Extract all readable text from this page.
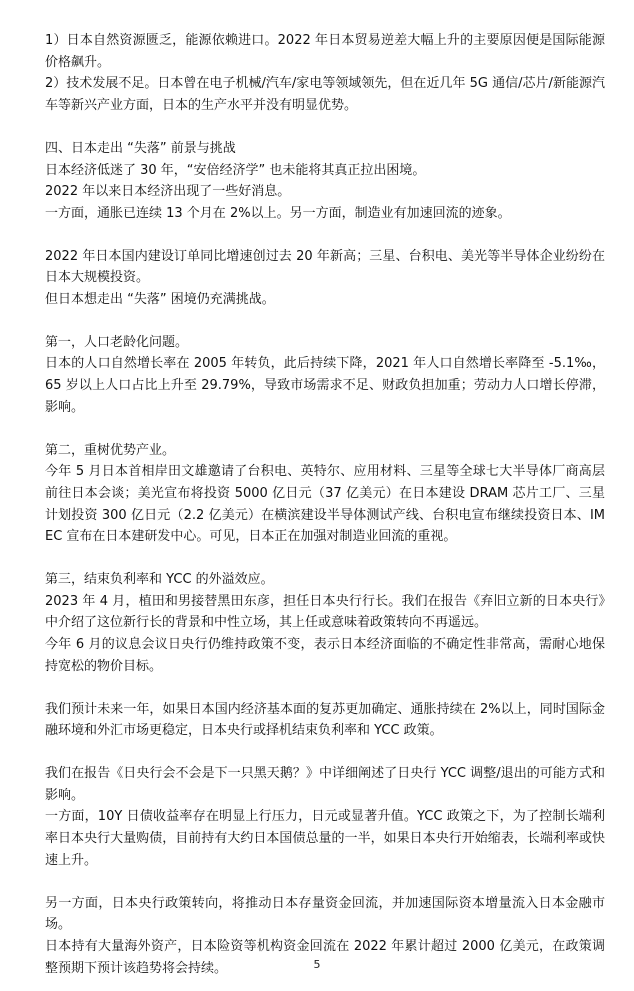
1）日本自然资源匮乏，能源依赖进口。2022 年日本贸易逆差大幅上升的主要原因便是国际能源价格飙升。

2）技术发展不足。日本曾在电子机械/汽车/家电等领域领先，但在近几年 5G 通信/芯片/新能源汽车等新兴产业方面，日本的生产水平并没有明显优势。

四、日本走出 “失落” 前景与挑战

日本经济低迷了 30 年，“安倍经济学” 也未能将其真正拉出困境。

2022 年以来日本经济出现了一些好消息。

一方面，通胀已连续 13 个月在 2%以上。另一方面，制造业有加速回流的迹象。

2022 年日本国内建设订单同比增速创过去 20 年新高；三星、台积电、美光等半导体企业纷纷在日本大规模投资。

但日本想走出 “失落” 困境仍充满挑战。

第一，人口老龄化问题。

日本的人口自然增长率在 2005 年转负，此后持续下降，2021 年人口自然增长率降至 -5.1‰，65 岁以上人口占比上升至 29.79%，导致市场需求不足、财政负担加重；劳动力人口增长停滞，影响。

第二，重树优势产业。

今年 5 月日本首相岸田文雄邀请了台积电、英特尔、应用材料、三星等全球七大半导体厂商高层前往日本会谈；美光宣布将投资 5000 亿日元（37 亿美元）在日本建设 DRAM 芯片工厂、三星计划投资 300 亿日元（2.2 亿美元）在横滨建设半导体测试产线、台积电宣布继续投资日本、IMEC 宣布在日本建研发中心。可见，日本正在加强对制造业回流的重视。

第三，结束负利率和 YCC 的外溢效应。

2023 年 4 月，植田和男接替黑田东彦，担任日本央行行长。我们在报告《弃旧立新的日本央行》中介绍了这位新行长的背景和中性立场，其上任或意味着政策转向不再遥远。

今年 6 月的议息会议日央行仍维持政策不变，表示日本经济面临的不确定性非常高，需耐心地保持宽松的物价目标。

我们预计未来一年，如果日本国内经济基本面的复苏更加确定、通胀持续在 2%以上，同时国际金融环境和外汇市场更稳定，日本央行或择机结束负利率和 YCC 政策。

我们在报告《日央行会不会是下一只黑天鹅？》中详细阐述了日央行 YCC 调整/退出的可能方式和影响。

一方面，10Y 日债收益率存在明显上行压力，日元或显著升值。YCC 政策之下，为了控制长端利率日本央行大量购债，目前持有大约日本国债总量的一半，如果日本央行开始缩表，长端利率或快速上升。

另一方面，日本央行政策转向，将推动日本存量资金回流，并加速国际资本增量流入日本金融市场。

日本持有大量海外资产，日本险资等机构资金回流在 2022 年累计超过 2000 亿美元，在政策调整预期下预计该趋势将会持续。	5
